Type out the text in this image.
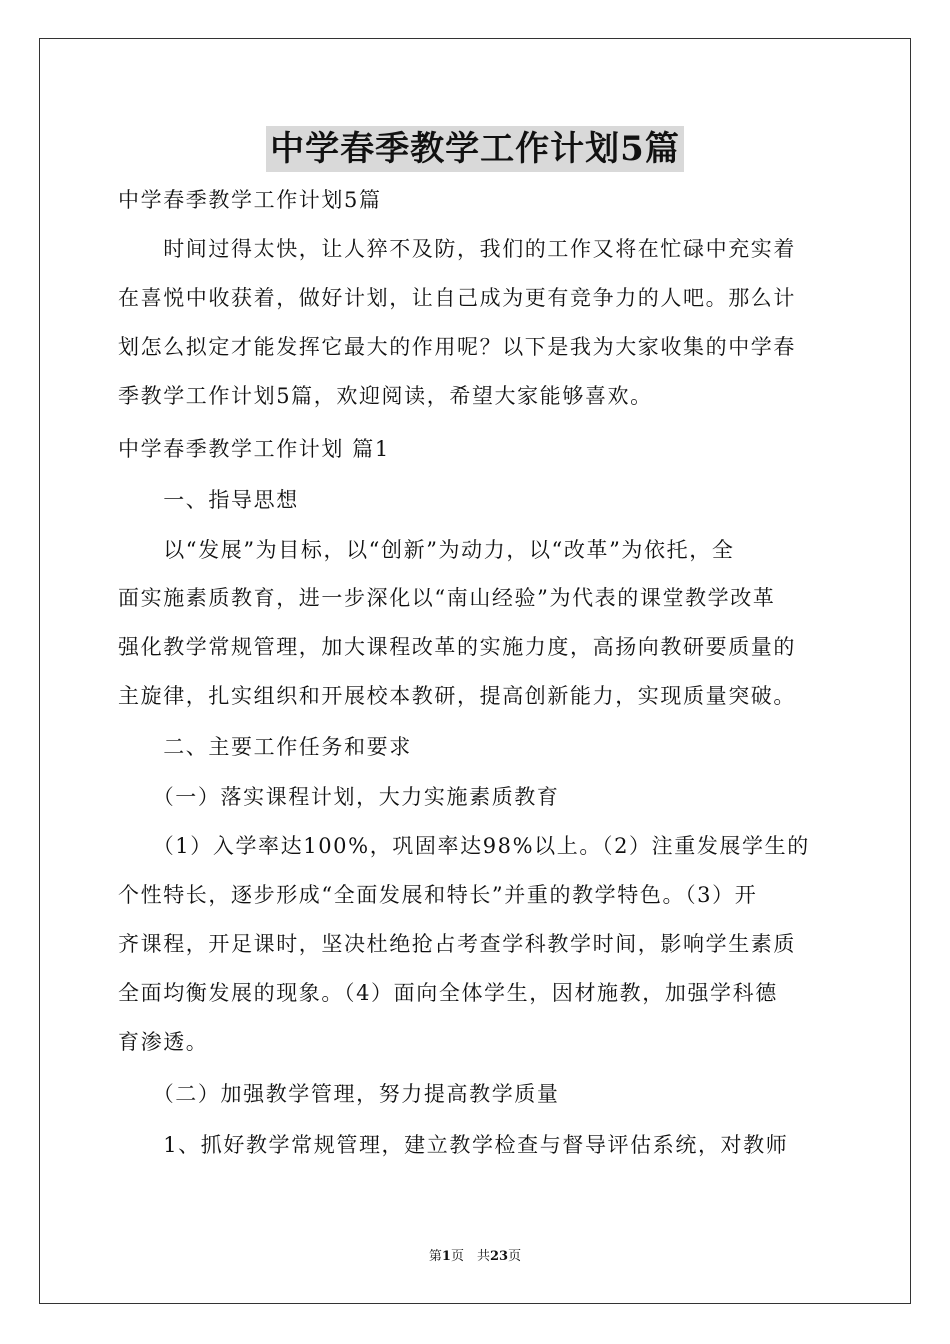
中学春季教学工作计划5篇
中学春季教学工作计划5篇
　　时间过得太快，让人猝不及防，我们的工作又将在忙碌中充实着
在喜悦中收获着，做好计划，让自己成为更有竞争力的人吧。那么计
划怎么拟定才能发挥它最大的作用呢？以下是我为大家收集的中学春
季教学工作计划5篇，欢迎阅读，希望大家能够喜欢。
中学春季教学工作计划 篇1
　　一、指导思想
　　以“发展”为目标，以“创新”为动力，以“改革”为依托，全
面实施素质教育，进一步深化以“南山经验”为代表的课堂教学改革
强化教学常规管理，加大课程改革的实施力度，高扬向教研要质量的
主旋律，扎实组织和开展校本教研，提高创新能力，实现质量突破。
　　二、主要工作任务和要求
　　（一）落实课程计划，大力实施素质教育
　　（1）入学率达100%，巩固率达98%以上。（2）注重发展学生的
个性特长，逐步形成“全面发展和特长”并重的教学特色。（3）开
齐课程，开足课时，坚决杜绝抢占考查学科教学时间，影响学生素质
全面均衡发展的现象。（4）面向全体学生，因材施教，加强学科德
育渗透。
　　（二）加强教学管理，努力提高教学质量
　　1、抓好教学常规管理，建立教学检查与督导评估系统，对教师
第1页　共23页
